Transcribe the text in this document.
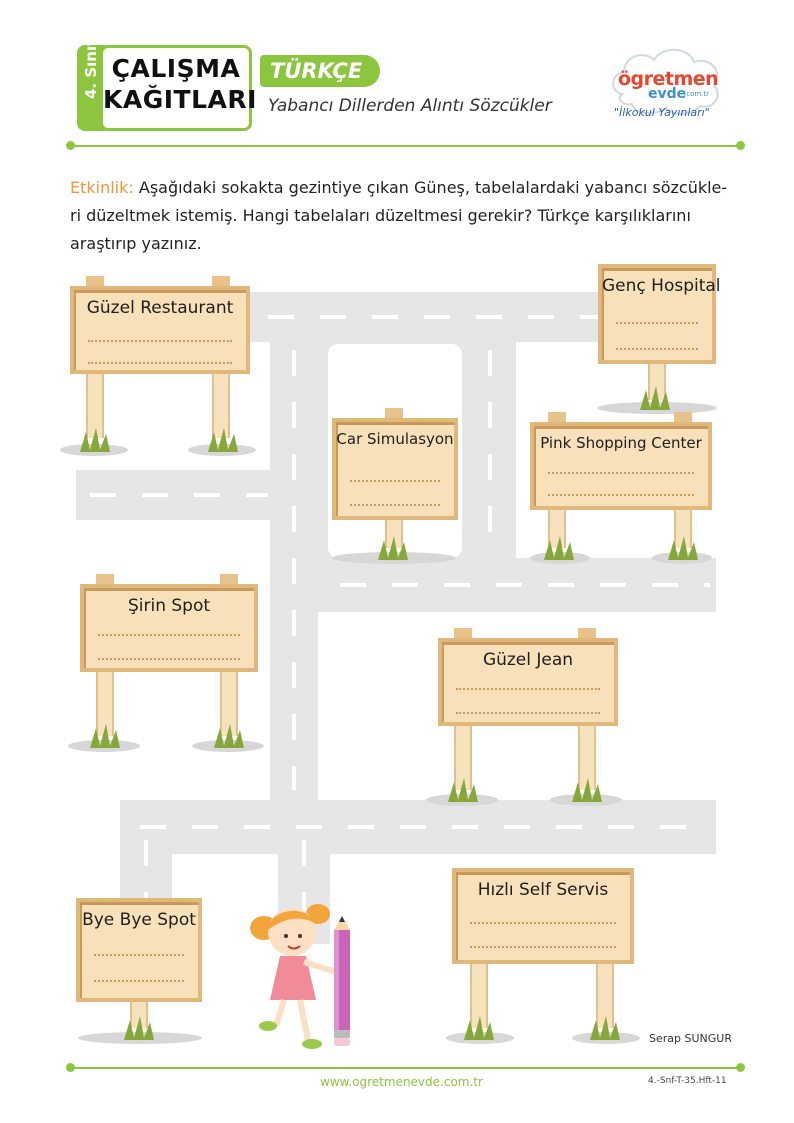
4. Sınıf ÇALIŞMA
KAĞITLARI
TÜRKÇE
Yabancı Dillerden Alıntı Sözcükler
ögretmen
evde
.com.tr
"İlkokul Yayınları"
Etkinlik: Aşağıdaki sokakta gezintiye çıkan Güneş, tabelalardaki yabancı sözcükle-ri düzeltmek istemiş. Hangi tabelaları düzeltmesi gerekir? Türkçe karşılıklarını araştırıp yazınız.
Güzel Restaurant
Genç Hospital
Car Simulasyon	Pink Shopping Center
Şirin Spot
Güzel Jean
Hızlı Self Servis
Bye Bye Spot
Serap SUNGUR
www.ogretmenevde.com.tr	4.-Snf-T-35.Hft-11
